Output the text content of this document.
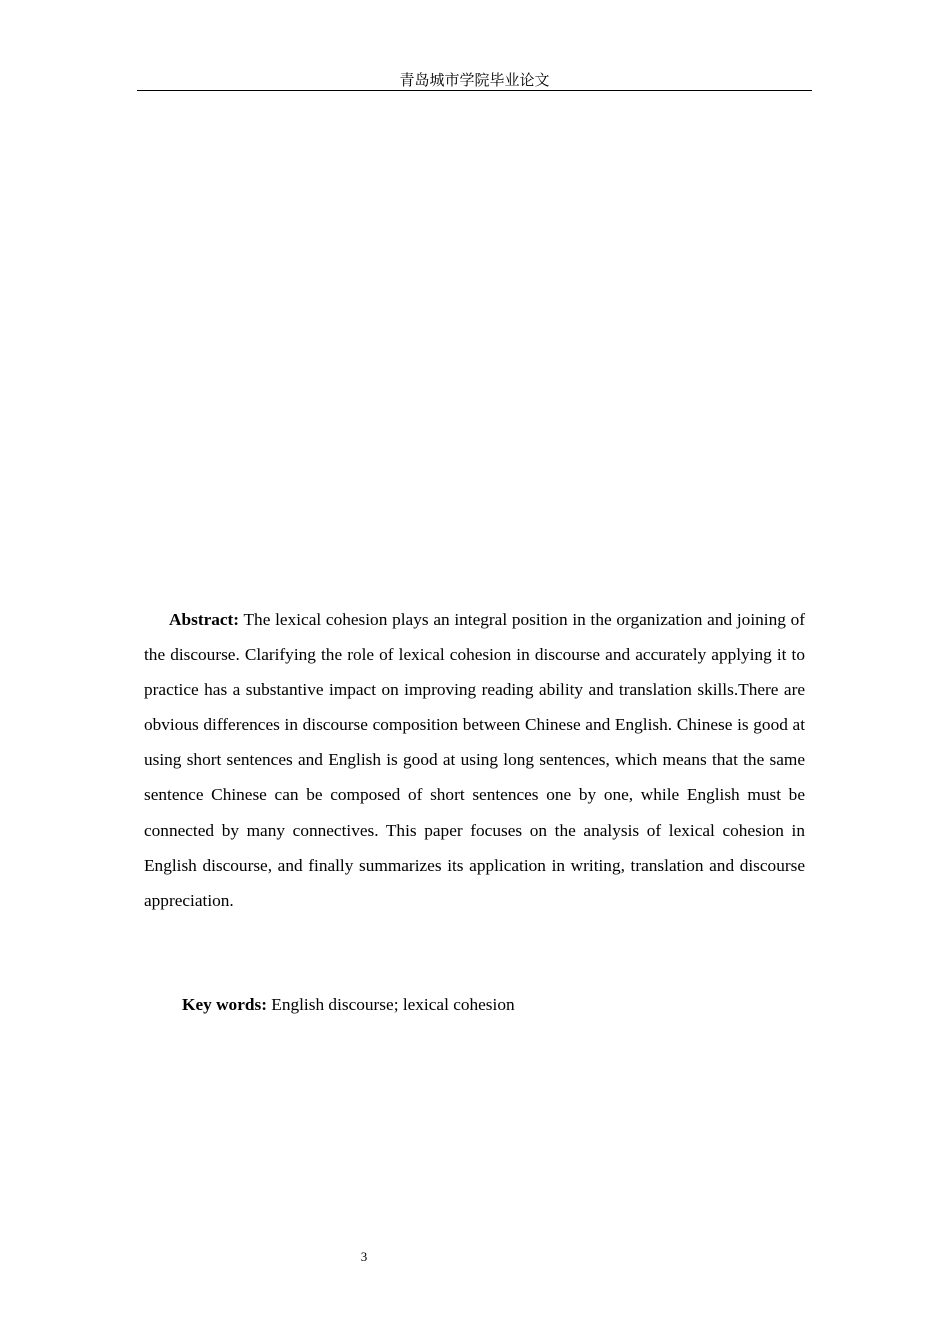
青岛城市学院毕业论文

Abstract: The lexical cohesion plays an integral position in the organization and joining of the discourse. Clarifying the role of lexical cohesion in discourse and accurately applying it to practice has a substantive impact on improving reading ability and translation skills.There are obvious differences in discourse composition between Chinese and English. Chinese is good at using short sentences and English is good at using long sentences, which means that the same sentence Chinese can be composed of short sentences one by one, while English must be connected by many connectives. This paper focuses on the analysis of lexical cohesion in English discourse, and finally summarizes its application in writing, translation and discourse appreciation.

Key words: English discourse; lexical cohesion

3
